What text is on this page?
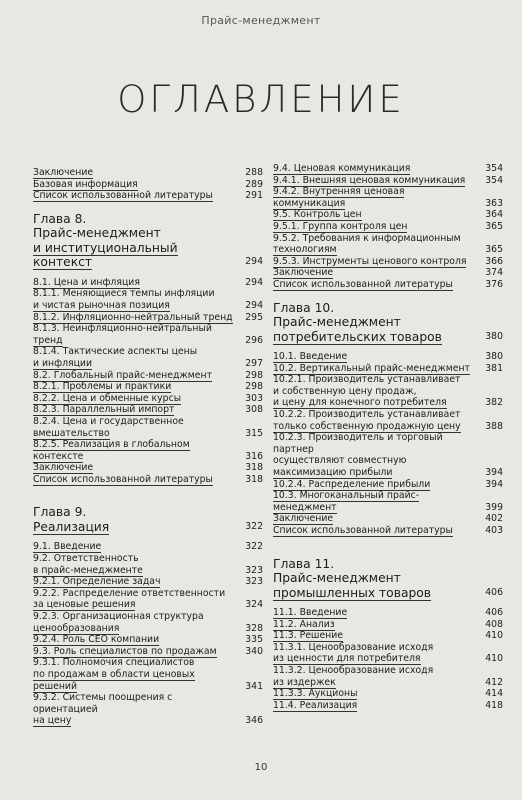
Прайс-менеджмент
ОГЛАВЛЕНИЕ
Заключение	288
Базовая информация	289
Список использованной литературы	291
Глава 8.
Прайс-менеджмент
и институциональный контекст	294
8.1. Цена и инфляция	294
8.1.1. Меняющиеся темпы инфляции
и чистая рыночная позиция	294
8.1.2. Инфляционно-нейтральный тренд 295
8.1.3. Неинфляционно-нейтральный
тренд	296
8.1.4. Тактические аспекты цены
и инфляции	297
8.2. Глобальный прайс-менеджмент	298
8.2.1. Проблемы и практики	298
8.2.2. Цена и обменные курсы	303
8.2.3. Параллельный импорт	308
8.2.4. Цена и государственное
вмешательство	315
8.2.5. Реализация в глобальном контексте	316
Заключение	318
Список использованной литературы	318
Глава 9.
Реализация	322
9.1. Введение	322
9.2. Ответственность
в прайс-менеджменте	323
9.2.1. Определение задач	323
9.2.2. Распределение ответственности
за ценовые решения	324
9.2.3. Организационная структура
ценообразования	328
9.2.4. Роль CEO компании	335
9.3. Роль специалистов по продажам	340
9.3.1. Полномочия специалистов
по продажам в области ценовых решений	341
9.3.2. Системы поощрения с ориентацией
на цену	346
9.4. Ценовая коммуникация	354
9.4.1. Внешняя ценовая коммуникация 354
9.4.2. Внутренняя ценовая коммуникация	363
9.5. Контроль цен	364
9.5.1. Группа контроля цен	365
9.5.2. Требования к информационным
технологиям	365
9.5.3. Инструменты ценового контроля 366
Заключение	374
Список использованной литературы	376
Глава 10.
Прайс-менеджмент
потребительских товаров	380
10.1. Введение	380
10.2. Вертикальный прайс-менеджмент 381
10.2.1. Производитель устанавливает
и собственную цену продаж,
и цену для конечного потребителя	382
10.2.2. Производитель устанавливает
только собственную продажную цену	388
10.2.3. Производитель и торговый партнер
осуществляют совместную
максимизацию прибыли	394
10.2.4. Распределение прибыли	394
10.3. Многоканальный прайс-менеджмент	399
Заключение	402
Список использованной литературы	403
Глава 11.
Прайс-менеджмент
промышленных товаров	406
11.1. Введение	406
11.2. Анализ	408
11.3. Решение	410
11.3.1. Ценообразование исходя
из ценности для потребителя	410
11.3.2. Ценообразование исходя
из издержек	412
11.3.3. Аукционы	414
11.4. Реализация	418
10
